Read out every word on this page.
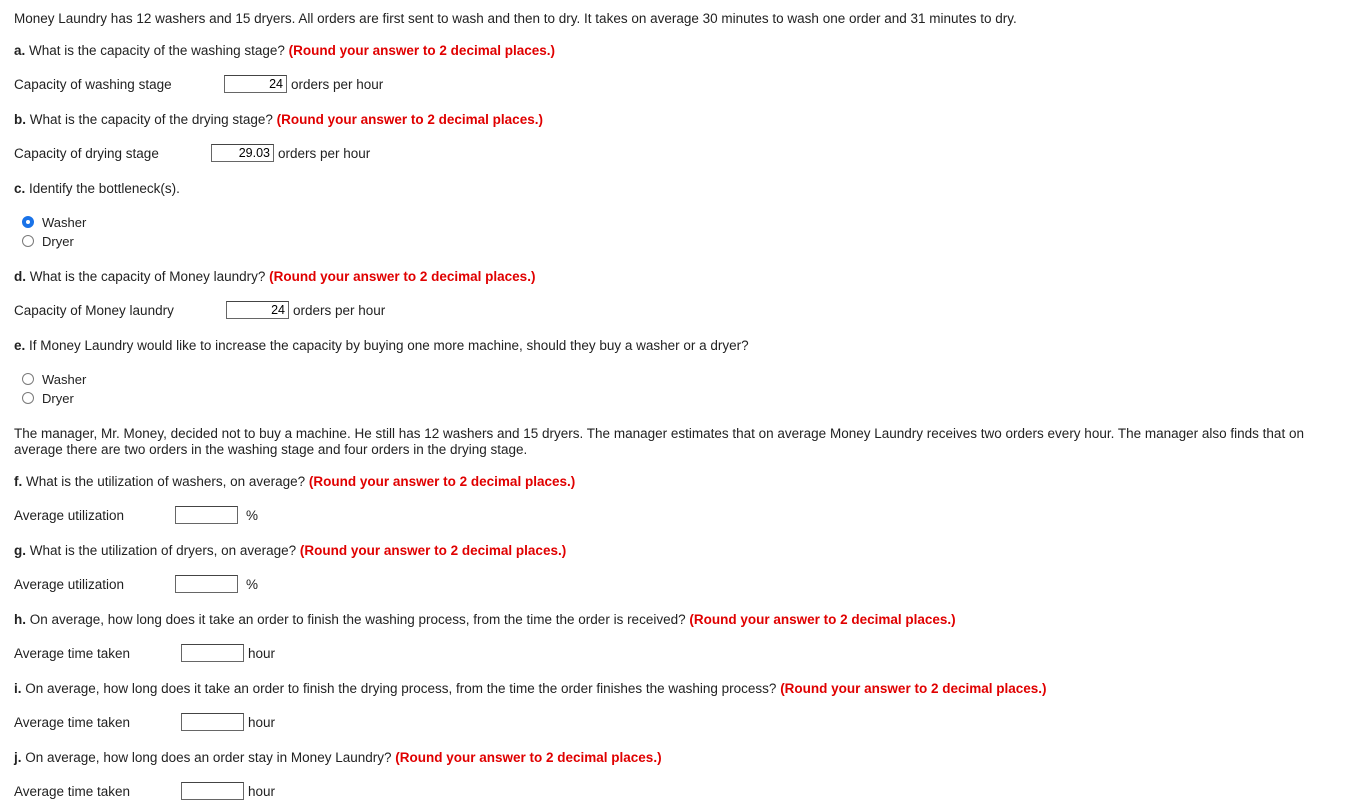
Money Laundry has 12 washers and 15 dryers. All orders are first sent to wash and then to dry. It takes on average 30 minutes to wash one order and 31 minutes to dry.
a. What is the capacity of the washing stage? (Round your answer to 2 decimal places.)
Capacity of washing stage
24	orders per hour
b. What is the capacity of the drying stage? (Round your answer to 2 decimal places.)
Capacity of drying stage
29.03	orders per hour
c. Identify the bottleneck(s).
Washer
Dryer
d. What is the capacity of Money laundry? (Round your answer to 2 decimal places.)
Capacity of Money laundry
24	orders per hour
e. If Money Laundry would like to increase the capacity by buying one more machine, should they buy a washer or a dryer?
Washer
Dryer
The manager, Mr. Money, decided not to buy a machine. He still has 12 washers and 15 dryers. The manager estimates that on average Money Laundry receives two orders every hour. The manager also finds that on average there are two orders in the washing stage and four orders in the drying stage.
f. What is the utilization of washers, on average? (Round your answer to 2 decimal places.)
Average utilization	%
g. What is the utilization of dryers, on average? (Round your answer to 2 decimal places.)
Average utilization	%
h. On average, how long does it take an order to finish the washing process, from the time the order is received? (Round your answer to 2 decimal places.)
Average time taken	hour
i. On average, how long does it take an order to finish the drying process, from the time the order finishes the washing process? (Round your answer to 2 decimal places.)
Average time taken	hour
j. On average, how long does an order stay in Money Laundry? (Round your answer to 2 decimal places.)
Average time taken	hour
